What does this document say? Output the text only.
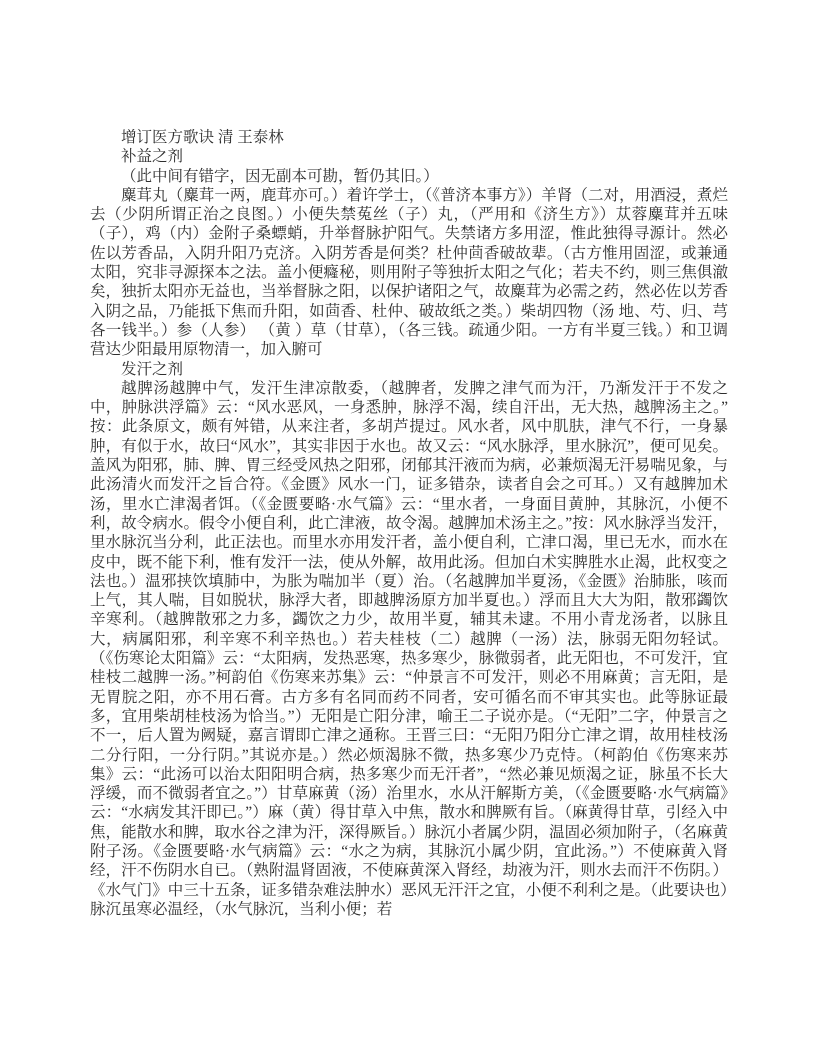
增订医方歌诀 清 王泰林

补益之剂

（此中间有错字，因无副本可勘，暂仍其旧。）

麋茸丸（麋茸一两，鹿茸亦可。）着许学士，（《普济本事方》）羊肾（二对，用酒浸，煮烂去（少阴所谓正治之良图。）小便失禁菟丝（子）丸，（严用和《济生方》）苁蓉麋茸并五味（子），鸡（内）金附子桑螵蛸，升举督脉护阳气。失禁诸方多用涩，惟此独得寻源计。然必佐以芳香品，入阴升阳乃克济。入阴芳香是何类？杜仲茴香破故辈。（古方惟用固涩，或兼通太阳，究非寻源探本之法。盖小便癃秘，则用附子等独折太阳之气化；若夫不约，则三焦俱澈矣，独折太阳亦无益也，当举督脉之阳，以保护诸阳之气，故麋茸为必需之药，然必佐以芳香入阴之品，乃能抵下焦而升阳，如茴香、杜仲、破故纸之类。）柴胡四物（汤 地、芍、归、芎各一钱半。）参（人参） （黄 ）草（甘草），（各三钱。疏通少阳。一方有半夏三钱。）和卫调营达少阳最用原物清一，加入腑可

发汗之剂

越脾汤越脾中气，发汗生津凉散委，（越脾者，发脾之津气而为汗，乃渐发汗于不发之中，肿脉洪浮篇》云：“风水恶风，一身悉肿，脉浮不渴，续自汗出，无大热，越脾汤主之。”按：此条原文，颇有舛错，从来注者，多胡芦提过。风水者，风中肌肤，津气不行，一身暴肿，有似于水，故曰“风水”，其实非因于水也。故又云：“风水脉浮，里水脉沉”，便可见矣。盖风为阳邪，肺、脾、胃三经受风热之阳邪，闭郁其汗液而为病，必兼烦渴无汗易喘见象，与此汤清火而发汗之旨合符。《金匮》风水一门，证多错杂，读者自会之可耳。）又有越脾加术汤，里水亡津渴者饵。（《金匮要略·水气篇》云：“里水者，一身面目黄肿，其脉沉，小便不利，故令病水。假令小便自利，此亡津液，故令渴。越脾加术汤主之。”按：风水脉浮当发汗，里水脉沉当分利，此正法也。而里水亦用发汗者，盖小便自利，亡津口渴，里已无水，而水在皮中，既不能下利，惟有发汗一法，使从外解，故用此汤。但加白术实脾胜水止渴，此权变之法也。）温邪挟饮填肺中，为胀为喘加半（夏）治。（名越脾加半夏汤，《金匮》治肺胀，咳而上气，其人喘，目如脱状，脉浮大者，即越脾汤原方加半夏也。）浮而且大大为阳，散邪蠲饮辛寒利。（越脾散邪之力多，蠲饮之力少，故用半夏，辅其未逮。不用小青龙汤者，以脉且大，病属阳邪，利辛寒不利辛热也。）若夫桂枝（二）越脾（一汤）法，脉弱无阳勿轻试。（《伤寒论太阳篇》云：“太阳病，发热恶寒，热多寒少，脉微弱者，此无阳也，不可发汗，宜桂枝二越脾一汤。”柯韵伯《伤寒来苏集》云：“仲景言不可发汗，则必不用麻黄；言无阳，是无胃脘之阳，亦不用石膏。古方多有名同而药不同者，安可循名而不审其实也。此等脉证最多，宜用柴胡桂枝汤为恰当。”）无阳是亡阳分津，喻王二子说亦是。（“无阳”二字，仲景言之不一，后人置为阙疑，嘉言谓即亡津之通称。王晋三曰：“无阳乃阳分亡津之谓，故用桂枝汤二分行阳，一分行阴。”其说亦是。）然必烦渴脉不微，热多寒少乃克恃。（柯韵伯《伤寒来苏集》云：“此汤可以治太阳阳明合病，热多寒少而无汗者”，“然必兼见烦渴之证，脉虽不长大浮缓，而不微弱者宜之。”）甘草麻黄（汤）治里水，水从汗解斯方美，（《金匮要略·水气病篇》云：“水病发其汗即已。”）麻（黄）得甘草入中焦，散水和脾厥有旨。（麻黄得甘草，引经入中焦，能散水和脾，取水谷之津为汗，深得厥旨。）脉沉小者属少阴，温固必须加附子，（名麻黄附子汤。《金匮要略·水气病篇》云：“水之为病，其脉沉小属少阴，宜此汤。”）不使麻黄入肾经，汗不伤阴水自已。（熟附温肾固液，不使麻黄深入肾经，劫液为汗，则水去而汗不伤阴。）《水气门》中三十五条，证多错杂难法肿水）恶风无汗汗之宜，小便不利利之是。（此要诀也）脉沉虽寒必温经，（水气脉沉，当利小便；若
